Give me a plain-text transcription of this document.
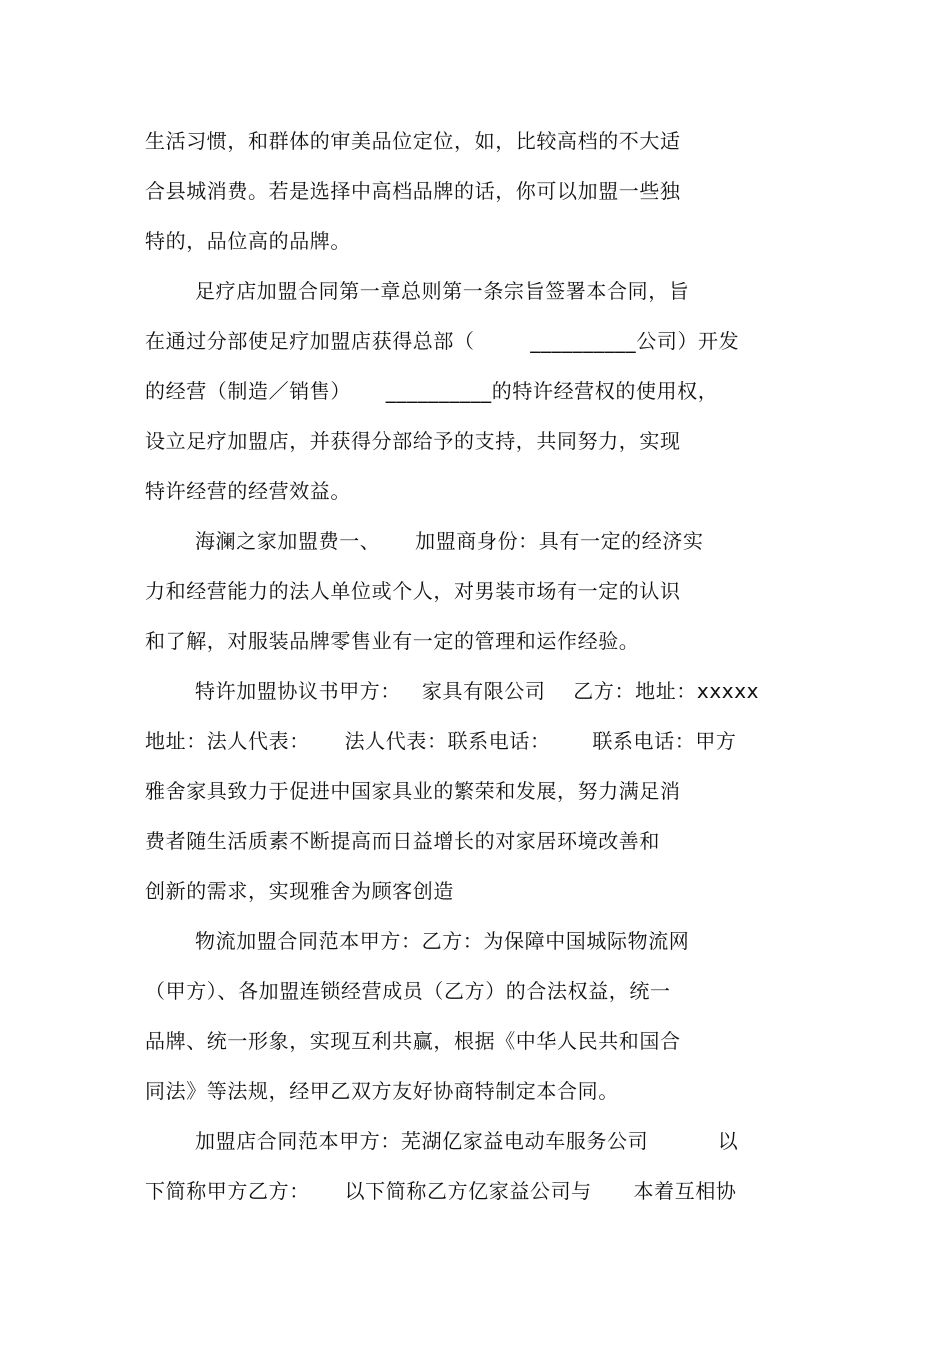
生活习惯，和群体的审美品位定位，如，比较高档的不大适
合县城消费。若是选择中高档品牌的话，你可以加盟一些独
特的，品位高的品牌。
足疗店加盟合同第一章总则第一条宗旨签署本合同，旨
在通过分部使足疗加盟店获得总部（        __________公司）开发
的经营（制造／销售）     __________的特许经营权的使用权，
设立足疗加盟店，并获得分部给予的支持，共同努力，实现
特许经营的经营效益。
海澜之家加盟费一、     加盟商身份：具有一定的经济实
力和经营能力的法人单位或个人，对男装市场有一定的认识
和了解，对服装品牌零售业有一定的管理和运作经验。
特许加盟协议书甲方：   家具有限公司    乙方：地址：xxxxx
地址：法人代表：     法人代表：联系电话：      联系电话：甲方
雅舍家具致力于促进中国家具业的繁荣和发展，努力满足消
费者随生活质素不断提高而日益增长的对家居环境改善和
创新的需求，实现雅舍为顾客创造
物流加盟合同范本甲方：乙方：为保障中国城际物流网
（甲方）、各加盟连锁经营成员（乙方）的合法权益，统一
品牌、统一形象，实现互利共赢，根据《中华人民共和国合
同法》等法规，经甲乙双方友好协商特制定本合同。
加盟店合同范本甲方：芜湖亿家益电动车服务公司          以
下简称甲方乙方：     以下简称乙方亿家益公司与      本着互相协
